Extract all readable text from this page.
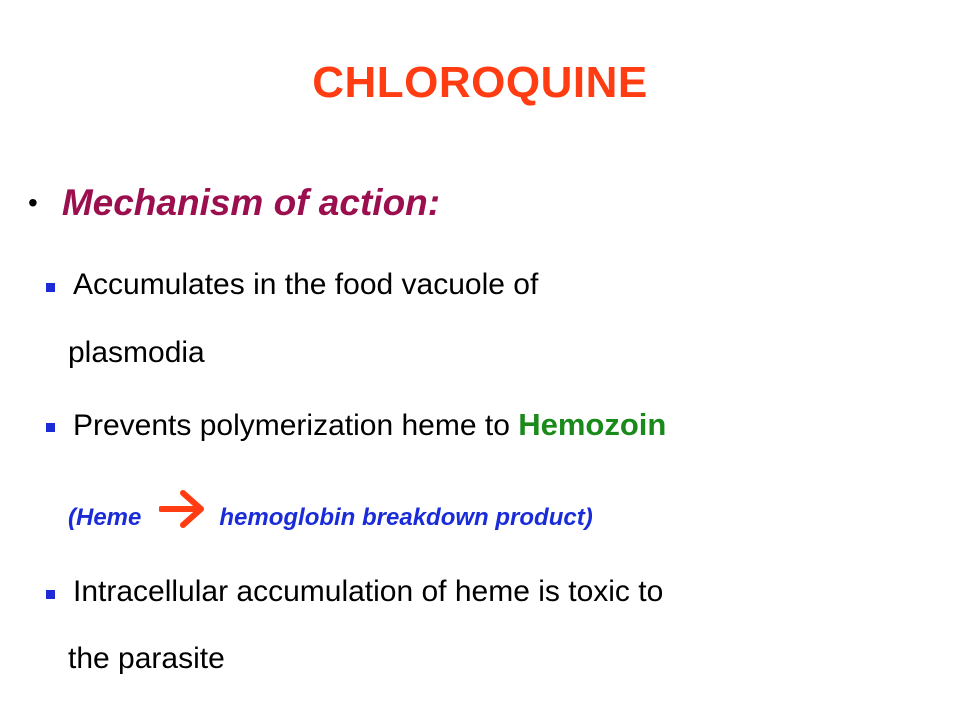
CHLOROQUINE
• Mechanism of action:
Accumulates in the food vacuole of
plasmodia
Prevents polymerization heme to Hemozoin
(Heme	hemoglobin breakdown product)
Intracellular accumulation of heme is toxic to
the parasite
